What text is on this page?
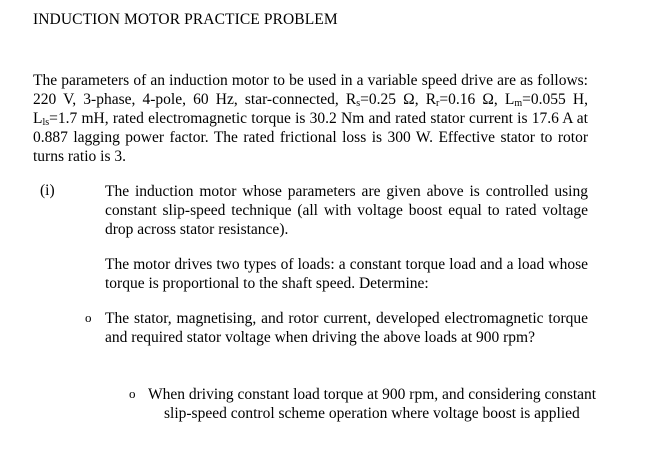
INDUCTION MOTOR PRACTICE PROBLEM
The parameters of an induction motor to be used in a variable speed drive are as follows: 220 V, 3-phase, 4-pole, 60 Hz, star-connected, $R_s=0.25$ Ω, $R_r=0.16$ Ω, $L_m=0.055$ H, $L_{ls}=1.7$ mH, rated electromagnetic torque is 30.2 Nm and rated stator current is 17.6 A at 0.887 lagging power factor. The rated frictional loss is 300 W. Effective stator to rotor turns ratio is 3.
(i)	The induction motor whose parameters are given above is controlled using constant slip-speed technique (all with voltage boost equal to rated voltage drop across stator resistance).
The motor drives two types of loads: a constant torque load and a load whose torque is proportional to the shaft speed. Determine:
o The stator, magnetising, and rotor current, developed electromagnetic torque and required stator voltage when driving the above loads at 900 rpm?
o When driving constant load torque at 900 rpm, and considering constant
slip-speed control scheme operation where voltage boost is applied
